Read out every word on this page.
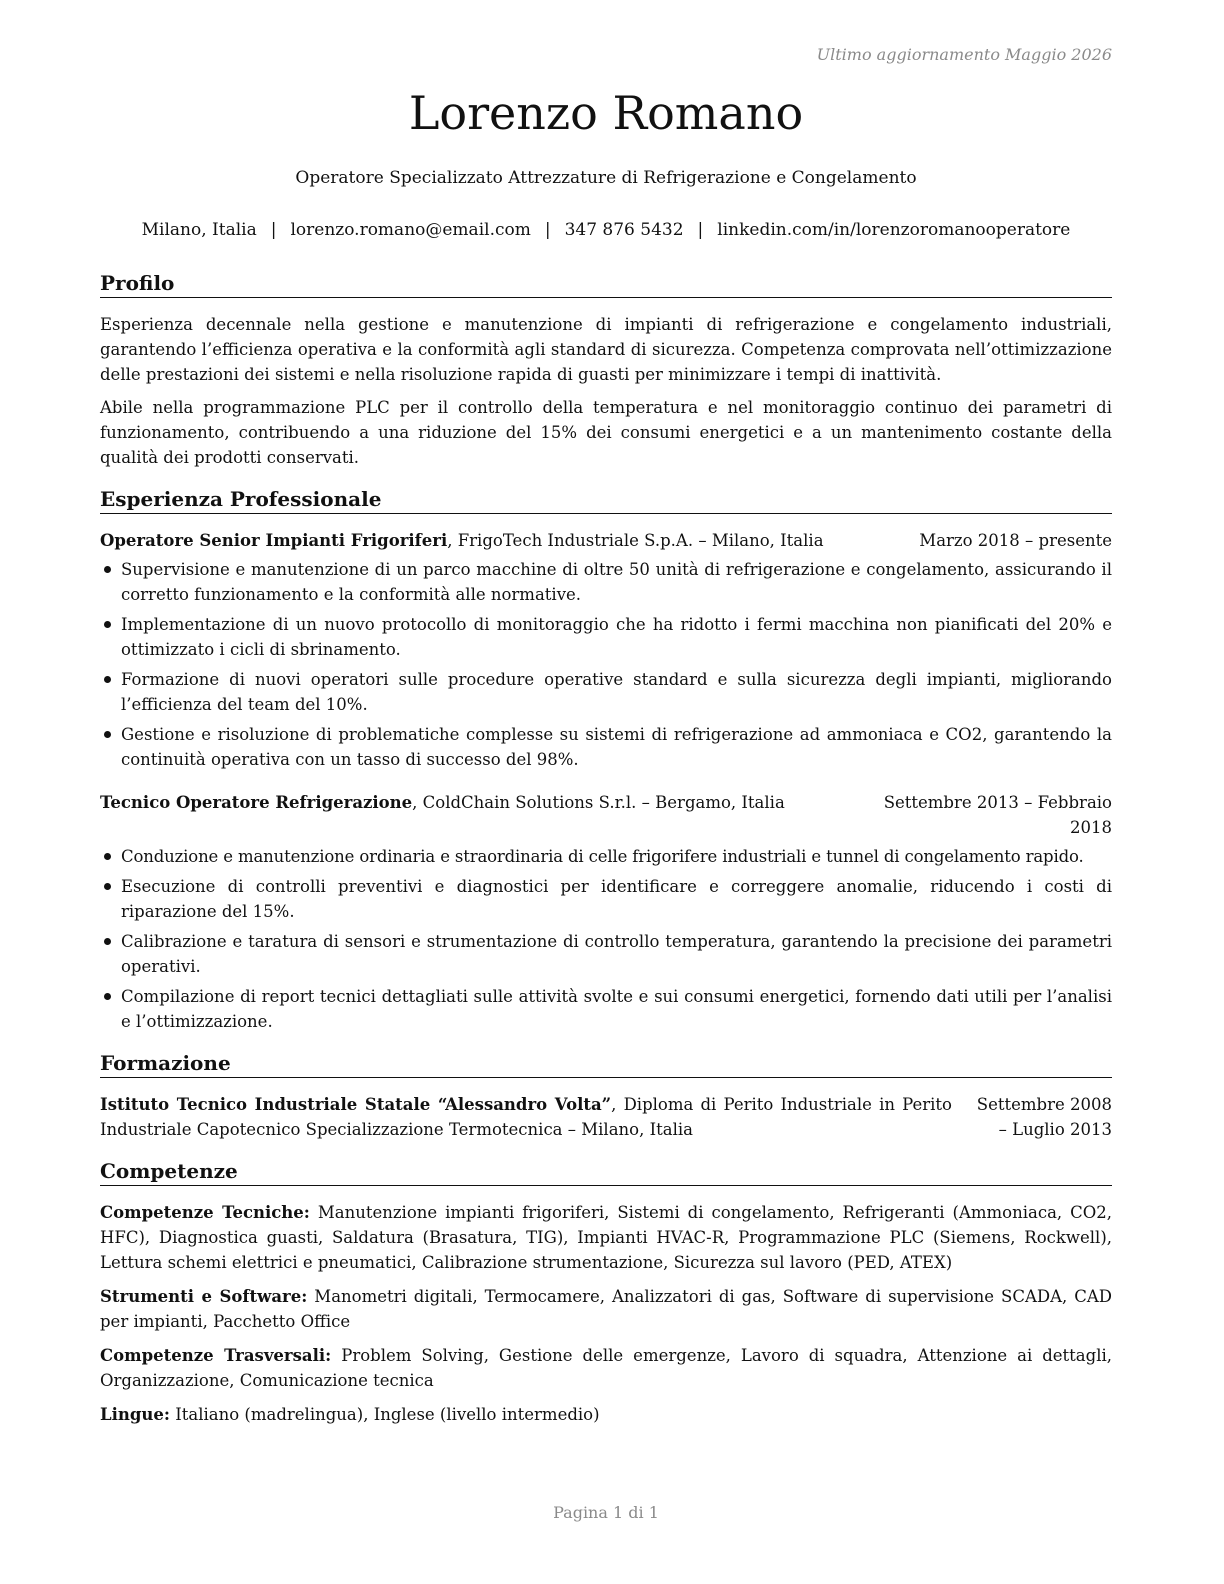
Ultimo aggiornamento Maggio 2026
Lorenzo Romano
Operatore Specializzato Attrezzature di Refrigerazione e Congelamento
Milano, Italia | lorenzo.romano@email.com | 347 876 5432 | linkedin.com/in/lorenzoromanooperatore
Profilo

Esperienza decennale nella gestione e manutenzione di impianti di refrigerazione e congelamento industriali, garantendo l’efficienza operativa e la conformità agli standard di sicurezza. Competenza comprovata nell’ottimizzazione delle prestazioni dei sistemi e nella risoluzione rapida di guasti per minimizzare i tempi di inattività.

Abile nella programmazione PLC per il controllo della temperatura e nel monitoraggio continuo dei parametri di funzionamento, contribuendo a una riduzione del 15% dei consumi energetici e a un mantenimento costante della qualità dei prodotti conservati.

Esperienza Professionale
Operatore Senior Impianti Frigoriferi, FrigoTech Industriale S.p.A. – Milano, Italia	Marzo 2018 – presente
Supervisione e manutenzione di un parco macchine di oltre 50 unità di refrigerazione e congelamento, assicurando il corretto funzionamento e la conformità alle normative.
Implementazione di un nuovo protocollo di monitoraggio che ha ridotto i fermi macchina non pianificati del 20% e ottimizzato i cicli di sbrinamento.
Formazione di nuovi operatori sulle procedure operative standard e sulla sicurezza degli impianti, migliorando l’efficienza del team del 10%.
Gestione e risoluzione di problematiche complesse su sistemi di refrigerazione ad ammoniaca e CO2, garantendo la continuità operativa con un tasso di successo del 98%.
Tecnico Operatore Refrigerazione, ColdChain Solutions S.r.l. – Bergamo, Italia	Settembre 2013 – Febbraio 2018
Conduzione e manutenzione ordinaria e straordinaria di celle frigorifere industriali e tunnel di congelamento rapido.
Esecuzione di controlli preventivi e diagnostici per identificare e correggere anomalie, riducendo i costi di riparazione del 15%.
Calibrazione e taratura di sensori e strumentazione di controllo temperatura, garantendo la precisione dei parametri operativi.
Compilazione di report tecnici dettagliati sulle attività svolte e sui consumi energetici, fornendo dati utili per l’analisi e l’ottimizzazione.
Formazione
Istituto Tecnico Industriale Statale “Alessandro Volta”, Diploma di Perito Industriale in Perito Industriale Capotecnico Specializzazione Termotecnica – Milano, Italia
Settembre 2008 – Luglio 2013
Competenze
Competenze Tecniche: Manutenzione impianti frigoriferi, Sistemi di congelamento, Refrigeranti (Ammoniaca, CO2, HFC), Diagnostica guasti, Saldatura (Brasatura, TIG), Impianti HVAC-R, Programmazione PLC (Siemens, Rockwell), Lettura schemi elettrici e pneumatici, Calibrazione strumentazione, Sicurezza sul lavoro (PED, ATEX)
Strumenti e Software: Manometri digitali, Termocamere, Analizzatori di gas, Software di supervisione SCADA, CAD per impianti, Pacchetto Office
Competenze Trasversali: Problem Solving, Gestione delle emergenze, Lavoro di squadra, Attenzione ai dettagli, Organizzazione, Comunicazione tecnica
Lingue: Italiano (madrelingua), Inglese (livello intermedio)
Pagina 1 di 1
